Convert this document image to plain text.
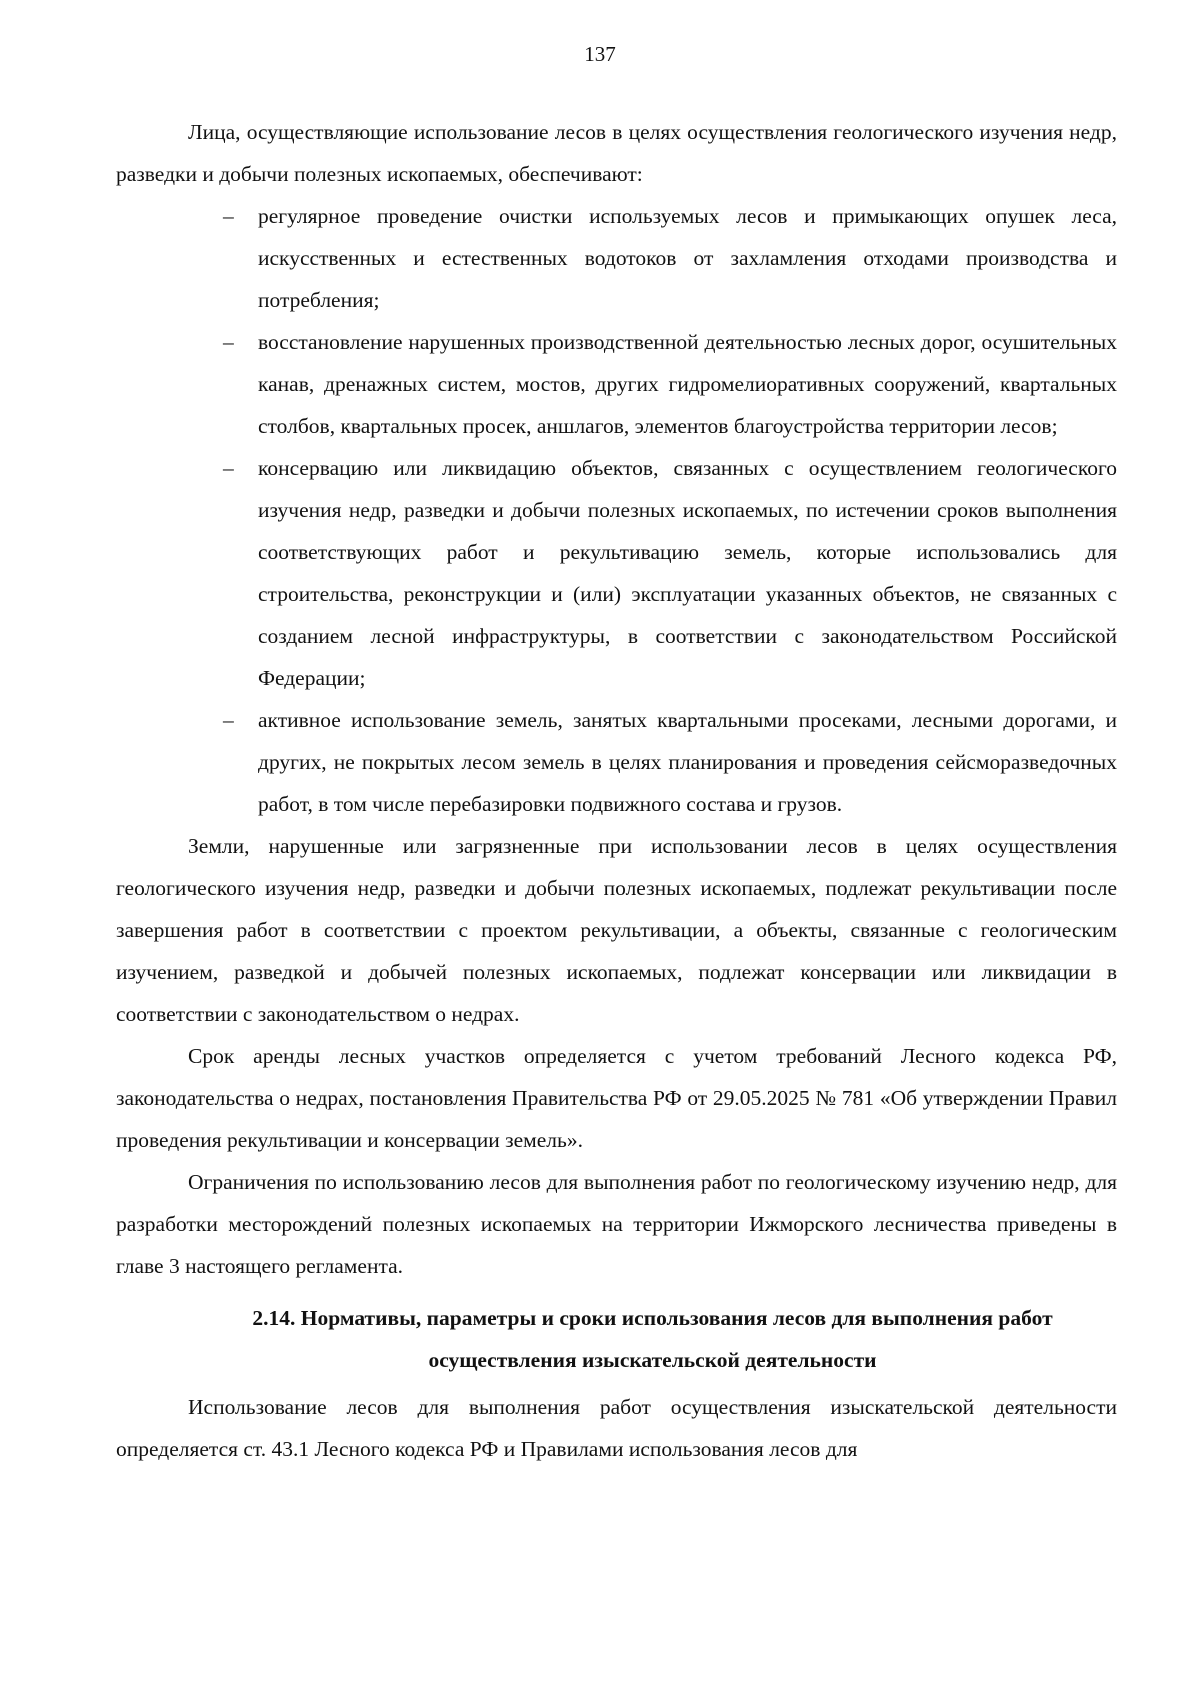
137

Лица, осуществляющие использование лесов в целях осуществления геологического изучения недр, разведки и добычи полезных ископаемых, обеспечивают:

– регулярное проведение очистки используемых лесов и примыкающих опушек леса, искусственных и естественных водотоков от захламления отходами производства и потребления;
– восстановление нарушенных производственной деятельностью лесных дорог, осушительных канав, дренажных систем, мостов, других гидромелиоративных сооружений, квартальных столбов, квартальных просек, аншлагов, элементов благоустройства территории лесов;
– консервацию или ликвидацию объектов, связанных с осуществлением геологического изучения недр, разведки и добычи полезных ископаемых, по истечении сроков выполнения соответствующих работ и рекультивацию земель, которые использовались для строительства, реконструкции и (или) эксплуатации указанных объектов, не связанных с созданием лесной инфраструктуры, в соответствии с законодательством Российской Федерации;
– активное использование земель, занятых квартальными просеками, лесными дорогами, и других, не покрытых лесом земель в целях планирования и проведения сейсморазведочных работ, в том числе перебазировки подвижного состава и грузов.

Земли, нарушенные или загрязненные при использовании лесов в целях осуществления геологического изучения недр, разведки и добычи полезных ископаемых, подлежат рекультивации после завершения работ в соответствии с проектом рекультивации, а объекты, связанные с геологическим изучением, разведкой и добычей полезных ископаемых, подлежат консервации или ликвидации в соответствии с законодательством о недрах.

Срок аренды лесных участков определяется с учетом требований Лесного кодекса РФ, законодательства о недрах, постановления Правительства РФ от 29.05.2025 № 781 «Об утверждении Правил проведения рекультивации и консервации земель».

Ограничения по использованию лесов для выполнения работ по геологическому изучению недр, для разработки месторождений полезных ископаемых на территории Ижморского лесничества приведены в главе 3 настоящего регламента.

2.14. Нормативы, параметры и сроки использования лесов для выполнения работ
осуществления изыскательской деятельности

Использование лесов для выполнения работ осуществления изыскательской деятельности определяется ст. 43.1 Лесного кодекса РФ и Правилами использования лесов для
